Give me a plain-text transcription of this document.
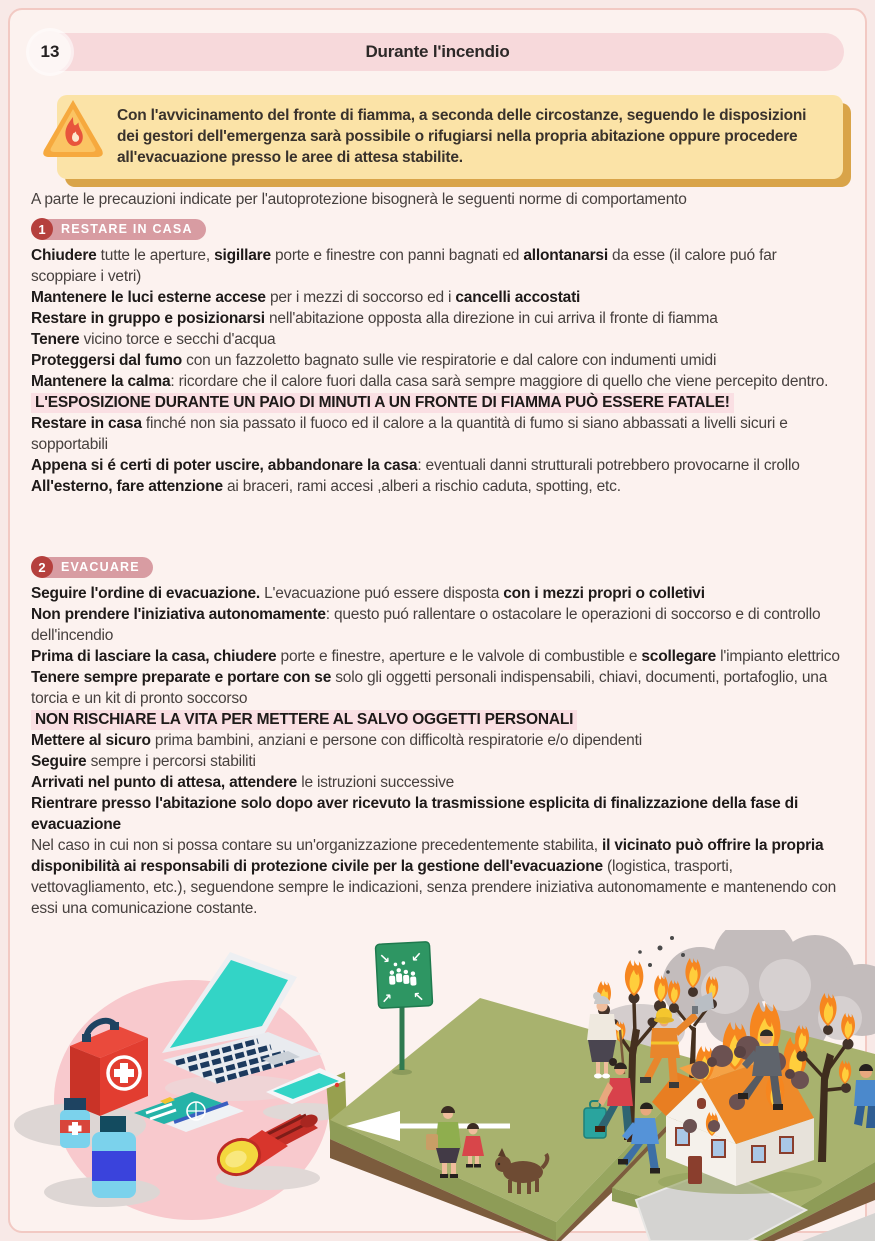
Durante l'incendio
13
Con l'avvicinamento del fronte di fiamma, a seconda delle circostanze, seguendo le disposizioni dei gestori dell'emergenza sarà possibile o rifugiarsi nella propria abitazione oppure procedere all'evacuazione presso le aree di attesa stabilite.
A parte le precauzioni indicate per l'autoprotezione bisognerà le seguenti norme di comportamento
1	RESTARE IN CASA

Chiudere tutte le aperture, sigillare porte e finestre con panni bagnati ed allontanarsi da esse (il calore puó far scoppiare i vetri)

Mantenere le luci esterne accese per i mezzi di soccorso ed i cancelli accostati

Restare in gruppo e posizionarsi nell'abitazione opposta alla direzione in cui arriva il fronte di fiamma

Tenere vicino torce e secchi d'acqua

Proteggersi dal fumo con un fazzoletto bagnato sulle vie respiratorie e dal calore con indumenti umidi

Mantenere la calma: ricordare che il calore fuori dalla casa sarà sempre maggiore di quello che viene percepito dentro.

L'ESPOSIZIONE DURANTE UN PAIO DI MINUTI A UN FRONTE DI FIAMMA PUÒ ESSERE FATALE!

Restare in casa finché non sia passato il fuoco ed il calore a la quantità di fumo si siano abbassati a livelli sicuri e sopportabili

Appena si é certi di poter uscire, abbandonare la casa: eventuali danni strutturali potrebbero provocarne il crollo

All'esterno, fare attenzione ai braceri, rami accesi ,alberi a rischio caduta, spotting, etc.

2	EVACUARE

Seguire l'ordine di evacuazione. L'evacuazione puó essere disposta con i mezzi propri o colletivi

Non prendere l'iniziativa autonomamente: questo puó rallentare o ostacolare le operazioni di soccorso e di controllo dell'incendio

Prima di lasciare la casa, chiudere porte e finestre, aperture e le valvole di combustible e scollegare l'impianto elettrico

Tenere sempre preparate e portare con se solo gli oggetti personali indispensabili, chiavi, documenti, portafoglio, una torcia e un kit di pronto soccorso

NON RISCHIARE LA VITA PER METTERE AL SALVO OGGETTI PERSONALI

Mettere al sicuro prima bambini, anziani e persone con difficoltà respiratorie e/o dipendenti

Seguire sempre i percorsi stabiliti

Arrivati nel punto di attesa, attendere le istruzioni successive

Rientrare presso l'abitazione solo dopo aver ricevuto la trasmissione esplicita di finalizzazione della fase di evacuazione

Nel caso in cui non si possa contare su un'organizzazione precedentemente stabilita, il vicinato può offrire la propria disponibilità ai responsabili di protezione civile per la gestione dell'evacuazione (logistica, trasporti, vettovagliamento, etc.), seguendone sempre le indicazioni, senza prendere iniziativa autonomamente e mantenendo con essi una comunicazione costante.

↘ ↙
↗ ↖
